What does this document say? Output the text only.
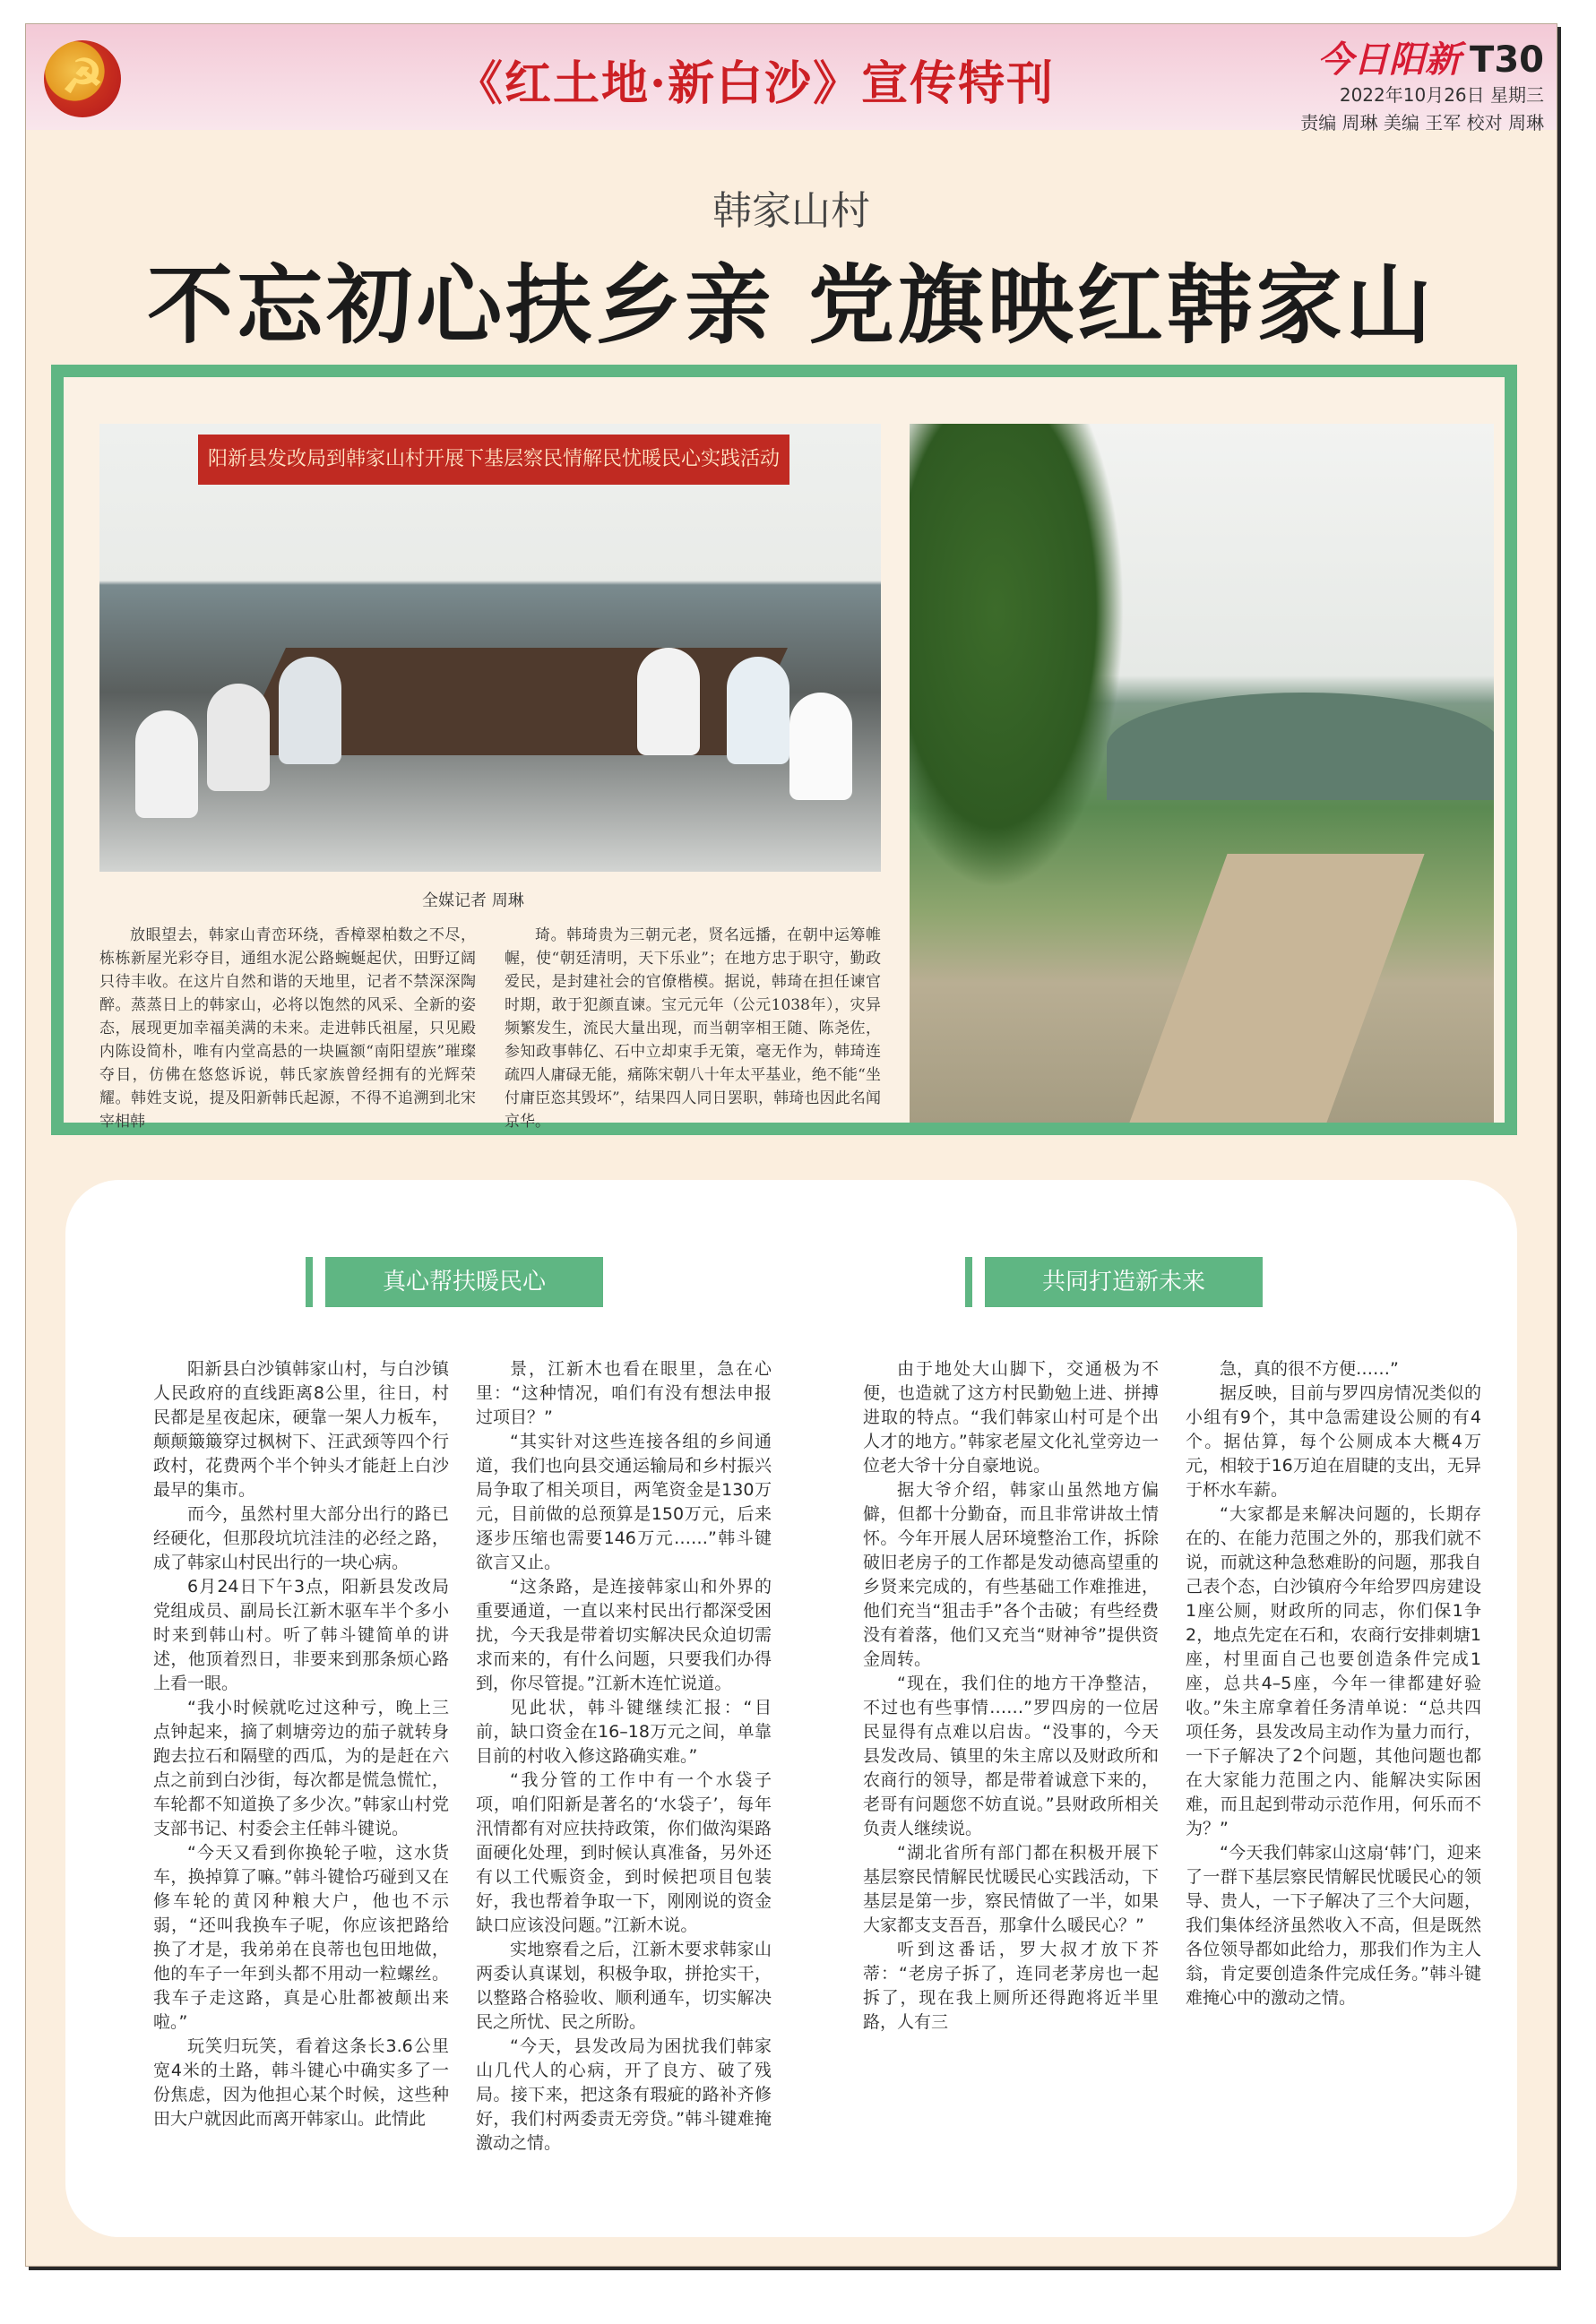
☭	《红土地·新白沙》宣传特刊	今日阳新 T30
2022年10月26日 星期三
责编 周琳 美编 王军 校对 周琳
韩家山村
不忘初心扶乡亲 党旗映红韩家山
阳新县发改局到韩家山村开展下基层察民情解民忧暖民心实践活动
全媒记者 周琳
放眼望去，韩家山青峦环绕，香樟翠柏数之不尽，栋栋新屋光彩夺目，通组水泥公路蜿蜒起伏，田野辽阔只待丰收。在这片自然和谐的天地里，记者不禁深深陶醉。蒸蒸日上的韩家山，必将以饱然的风采、全新的姿态，展现更加幸福美满的未来。走进韩氏祖屋，只见殿内陈设简朴，唯有内堂高悬的一块匾额“南阳望族”璀璨夺目，仿佛在悠悠诉说，韩氏家族曾经拥有的光辉荣耀。韩姓支说，提及阳新韩氏起源，不得不追溯到北宋宰相韩
琦。韩琦贵为三朝元老，贤名远播，在朝中运筹帷幄，使“朝廷清明，天下乐业”；在地方忠于职守，勤政爱民，是封建社会的官僚楷模。据说，韩琦在担任谏官时期，敢于犯颜直谏。宝元元年（公元1038年），灾异频繁发生，流民大量出现，而当朝宰相王随、陈尧佐，参知政事韩亿、石中立却束手无策，毫无作为，韩琦连疏四人庸碌无能，痛陈宋朝八十年太平基业，绝不能“坐付庸臣恣其毁坏”，结果四人同日罢职，韩琦也因此名闻京华。
真心帮扶暖民心	共同打造新未来

阳新县白沙镇韩家山村，与白沙镇人民政府的直线距离8公里，往日，村民都是星夜起床，硬靠一架人力板车，颠颠簸簸穿过枫树下、汪武颈等四个行政村，花费两个半个钟头才能赶上白沙最早的集市。

而今，虽然村里大部分出行的路已经硬化，但那段坑坑洼洼的必经之路，成了韩家山村民出行的一块心病。

6月24日下午3点，阳新县发改局党组成员、副局长江新木驱车半个多小时来到韩山村。听了韩斗键简单的讲述，他顶着烈日，非要来到那条烦心路上看一眼。

“我小时候就吃过这种亏，晚上三点钟起来，摘了刺塘旁边的茄子就转身跑去拉石和隔壁的西瓜，为的是赶在六点之前到白沙街，每次都是慌急慌忙，车轮都不知道换了多少次。”韩家山村党支部书记、村委会主任韩斗键说。

“今天又看到你换轮子啦，这水货车，换掉算了嘛。”韩斗键恰巧碰到又在修车轮的黄冈种粮大户，他也不示弱，“还叫我换车子呢，你应该把路给换了才是，我弟弟在良蒂也包田地做，他的车子一年到头都不用动一粒螺丝。我车子走这路，真是心肚都被颠出来啦。”

玩笑归玩笑，看着这条长3.6公里宽4米的土路，韩斗键心中确实多了一份焦虑，因为他担心某个时候，这些种田大户就因此而离开韩家山。此情此

景，江新木也看在眼里，急在心里：“这种情况，咱们有没有想法申报过项目？”

“其实针对这些连接各组的乡间通道，我们也向县交通运输局和乡村振兴局争取了相关项目，两笔资金是130万元，目前做的总预算是150万元，后来逐步压缩也需要146万元……”韩斗键欲言又止。

“这条路，是连接韩家山和外界的重要通道，一直以来村民出行都深受困扰，今天我是带着切实解决民众迫切需求而来的，有什么问题，只要我们办得到，你尽管提。”江新木连忙说道。

见此状，韩斗键继续汇报：“目前，缺口资金在16–18万元之间，单靠目前的村收入修这路确实难。”

“我分管的工作中有一个水袋子项，咱们阳新是著名的‘水袋子’，每年汛情都有对应扶持政策，你们做沟渠路面硬化处理，到时候认真准备，另外还有以工代赈资金，到时候把项目包装好，我也帮着争取一下，刚刚说的资金缺口应该没问题。”江新木说。

实地察看之后，江新木要求韩家山两委认真谋划，积极争取，拼抢实干，以整路合格验收、顺利通车，切实解决民之所忧、民之所盼。

“今天，县发改局为困扰我们韩家山几代人的心病，开了良方、破了残局。接下来，把这条有瑕疵的路补齐修好，我们村两委责无旁贷。”韩斗键难掩激动之情。

由于地处大山脚下，交通极为不便，也造就了这方村民勤勉上进、拼搏进取的特点。“我们韩家山村可是个出人才的地方。”韩家老屋文化礼堂旁边一位老大爷十分自豪地说。

据大爷介绍，韩家山虽然地方偏僻，但都十分勤奋，而且非常讲故土情怀。今年开展人居环境整治工作，拆除破旧老房子的工作都是发动德高望重的乡贤来完成的，有些基础工作难推进，他们充当“狙击手”各个击破；有些经费没有着落，他们又充当“财神爷”提供资金周转。

“现在，我们住的地方干净整洁，不过也有些事情……”罗四房的一位居民显得有点难以启齿。“没事的，今天县发改局、镇里的朱主席以及财政所和农商行的领导，都是带着诚意下来的，老哥有问题您不妨直说。”县财政所相关负责人继续说。

“湖北省所有部门都在积极开展下基层察民情解民忧暖民心实践活动，下基层是第一步，察民情做了一半，如果大家都支支吾吾，那拿什么暖民心？”

听到这番话，罗大叔才放下芥蒂：“老房子拆了，连同老茅房也一起拆了，现在我上厕所还得跑将近半里路，人有三

急，真的很不方便……”

据反映，目前与罗四房情况类似的小组有9个，其中急需建设公厕的有4个。据估算，每个公厕成本大概4万元，相较于16万迫在眉睫的支出，无异于杯水车薪。

“大家都是来解决问题的，长期存在的、在能力范围之外的，那我们就不说，而就这种急愁难盼的问题，那我自己表个态，白沙镇府今年给罗四房建设1座公厕，财政所的同志，你们保1争2，地点先定在石和，农商行安排刺塘1座，村里面自己也要创造条件完成1座，总共4–5座，今年一律都建好验收。”朱主席拿着任务清单说：“总共四项任务，县发改局主动作为量力而行，一下子解决了2个问题，其他问题也都在大家能力范围之内、能解决实际困难，而且起到带动示范作用，何乐而不为？”

“今天我们韩家山这扇‘韩’门，迎来了一群下基层察民情解民忧暖民心的领导、贵人，一下子解决了三个大问题，我们集体经济虽然收入不高，但是既然各位领导都如此给力，那我们作为主人翁，肯定要创造条件完成任务。”韩斗键难掩心中的激动之情。
